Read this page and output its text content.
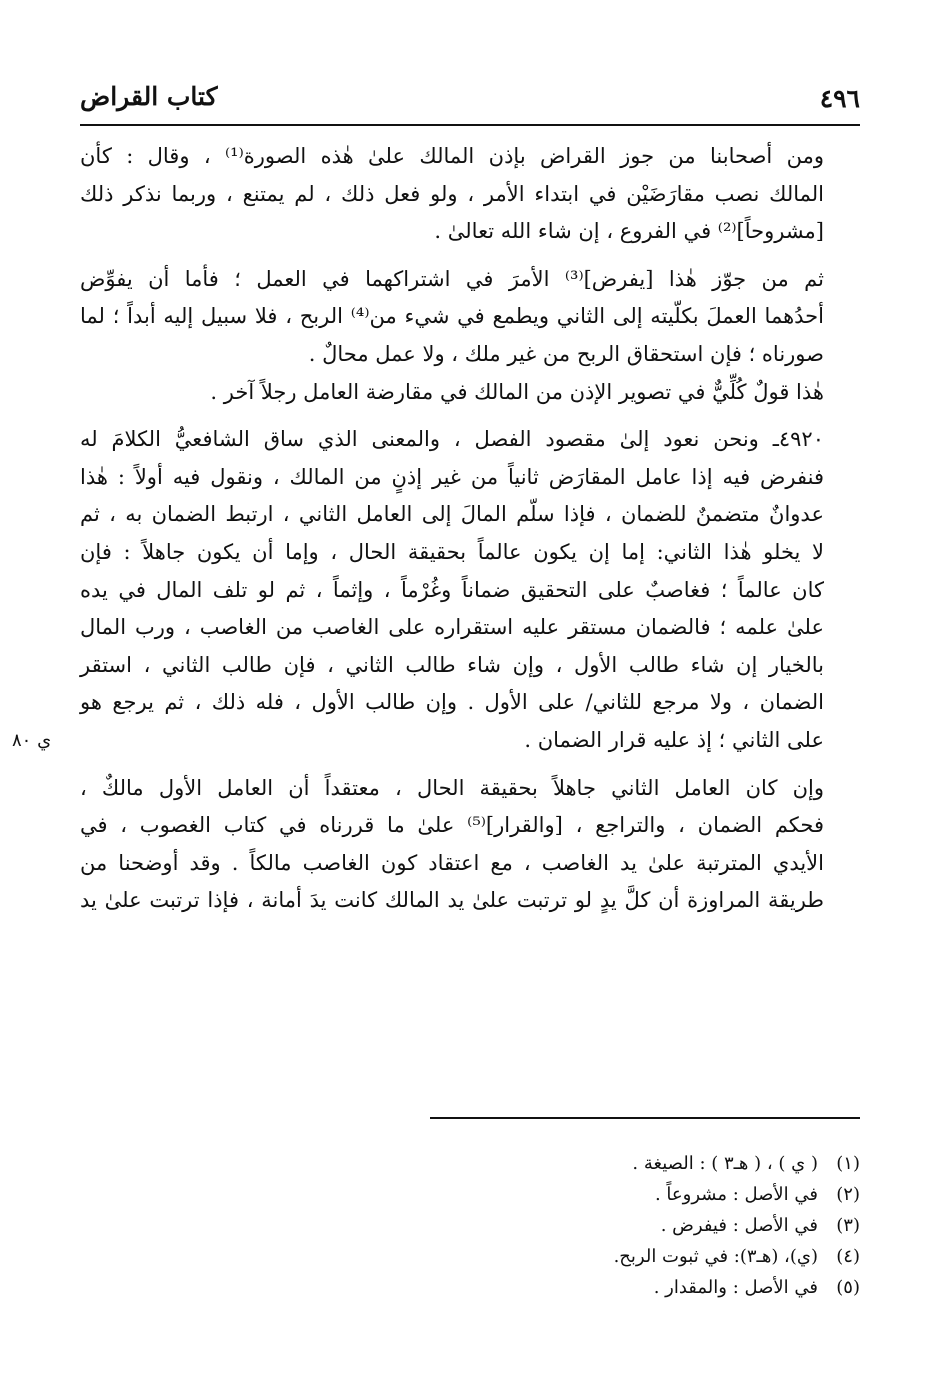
٤٩٦
كتاب القراض

ومن أصحابنا من جوز القراض بإذن المالك علىٰ هٰذه الصورة⁽¹⁾ ، وقال : كأن
المالك نصب مقارَضَيْن في ابتداء الأمر ، ولو فعل ذلك ، لم يمتنع ، وربما نذكر ذلك
[مشروحاً]⁽²⁾ في الفروع ، إن شاء الله تعالىٰ .

ثم من جوّز هٰذا [يفرض]⁽³⁾ الأمرَ في اشتراكهما في العمل ؛ فأما أن يفوِّض
أحدُهما العملَ بكلّيته إلى الثاني ويطمع في شيء من⁽⁴⁾ الربح ، فلا سبيل إليه أبداً ؛ لما
صورناه ؛ فإن استحقاق الربح من غير ملك ، ولا عمل محالٌ .

هٰذا قولٌ كُلِّيٌّ في تصوير الإذن من المالك في مقارضة العامل رجلاً آخر .

٤٩٢٠ـ ونحن نعود إلىٰ مقصود الفصل ، والمعنى الذي ساق الشافعيُّ الكلامَ له
فنفرض فيه إذا عامل المقارَض ثانياً من غير إذنٍ من المالك ، ونقول فيه أولاً : هٰذا
عدوانٌ متضمنٌ للضمان ، فإذا سلّم المالَ إلى العامل الثاني ، ارتبط الضمان به ، ثم
لا يخلو هٰذا الثاني: إما إن يكون عالماً بحقيقة الحال ، وإما أن يكون جاهلاً : فإن
كان عالماً ؛ فغاصبٌ على التحقيق ضماناً وغُرْماً ، وإثماً ، ثم لو تلف المال في يده
علىٰ علمه ؛ فالضمان مستقر عليه استقراره على الغاصب من الغاصب ، ورب المال
بالخيار إن شاء طالب الأول ، وإن شاء طالب الثاني ، فإن طالب الثاني ، استقر
الضمان ، ولا مرجع للثاني/ على الأول . وإن طالب الأول ، فله ذلك ، ثم يرجع هو
على الثاني ؛ إذ عليه قرار الضمان .
ي ٨٠

وإن كان العامل الثاني جاهلاً بحقيقة الحال ، معتقداً أن العامل الأول مالكٌ ،
فحكم الضمان ، والتراجع ، [والقرار]⁽⁵⁾ علىٰ ما قررناه في كتاب الغصوب ، في
الأيدي المترتبة علىٰ يد الغاصب ، مع اعتقاد كون الغاصب مالكاً . وقد أوضحنا من
طريقة المراوزة أن كلَّ يدٍ لو ترتبت علىٰ يد المالك كانت يدَ أمانة ، فإذا ترتبت علىٰ يد

(١)( ي ) ، ( هـ٣ ) : الصيغة .
(٢)في الأصل : مشروعاً .
(٣)في الأصل : فيفرض .
(٤)(ي)، (هـ٣): في ثبوت الربح.
(٥)في الأصل : والمقدار .
